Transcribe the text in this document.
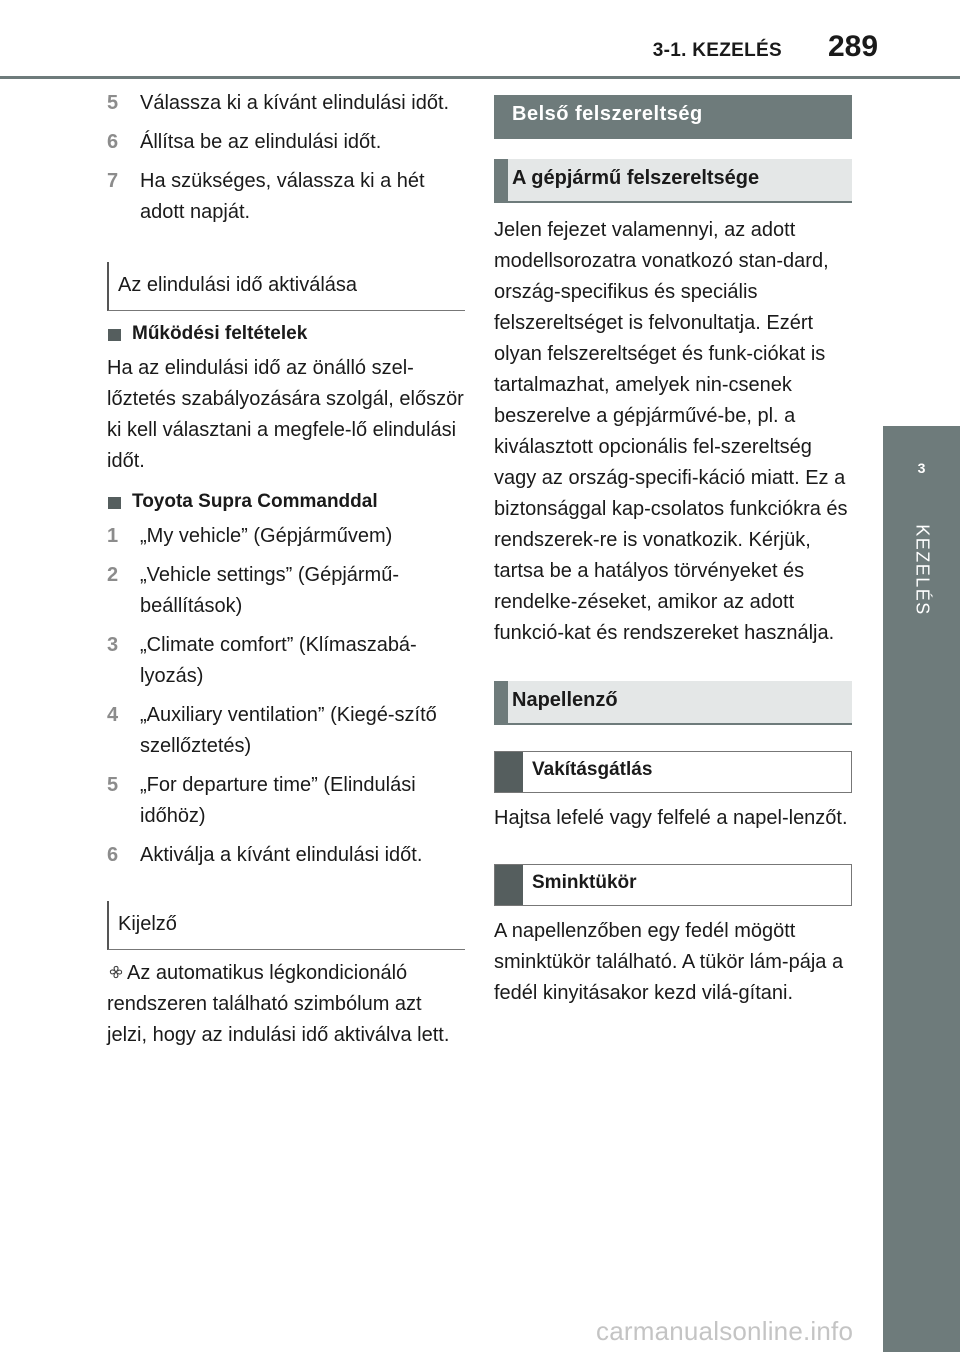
3-1. KEZELÉS 289
3
KEZELÉS
5 Válassza ki a kívánt elindulási időt.
6 Állítsa be az elindulási időt.
7 Ha szükséges, válassza ki a hét adott napját.
Az elindulási idő aktiválása
Működési feltételek
Ha az elindulási idő az önálló szel-lőztetés szabályozására szolgál, először ki kell választani a megfele-lő elindulási időt.
Toyota Supra Commanddal
1 „My vehicle” (Gépjárművem)
2 „Vehicle settings” (Gépjármű-beállítások)
3 „Climate comfort” (Klímaszabá-lyozás)
4 „Auxiliary ventilation” (Kiegé-szítő szellőztetés)
5 „For departure time” (Elindulási időhöz)
6 Aktiválja a kívánt elindulási időt.
Kijelző
Az automatikus légkondicionáló rendszeren található szimbólum azt jelzi, hogy az indulási idő aktiválva lett.
Belső felszereltség
A gépjármű felszereltsége
Jelen fejezet valamennyi, az adott modellsorozatra vonatkozó stan-dard, ország-specifikus és speciális felszereltséget is felvonultatja. Ezért olyan felszereltséget és funk-ciókat is tartalmazhat, amelyek nin-csenek beszerelve a gépjárművé-be, pl. a kiválasztott opcionális fel-szereltség vagy az ország-specifi-káció miatt. Ez a biztonsággal kap-csolatos funkciókra és rendszerek-re is vonatkozik. Kérjük, tartsa be a hatályos törvényeket és rendelke-zéseket, amikor az adott funkció-kat és rendszereket használja.
Napellenző
Vakításgátlás
Hajtsa lefelé vagy felfelé a napel-lenzőt.
Sminktükör
A napellenzőben egy fedél mögött sminktükör található. A tükör lám-pája a fedél kinyitásakor kezd vilá-gítani.
carmanualsonline.info
